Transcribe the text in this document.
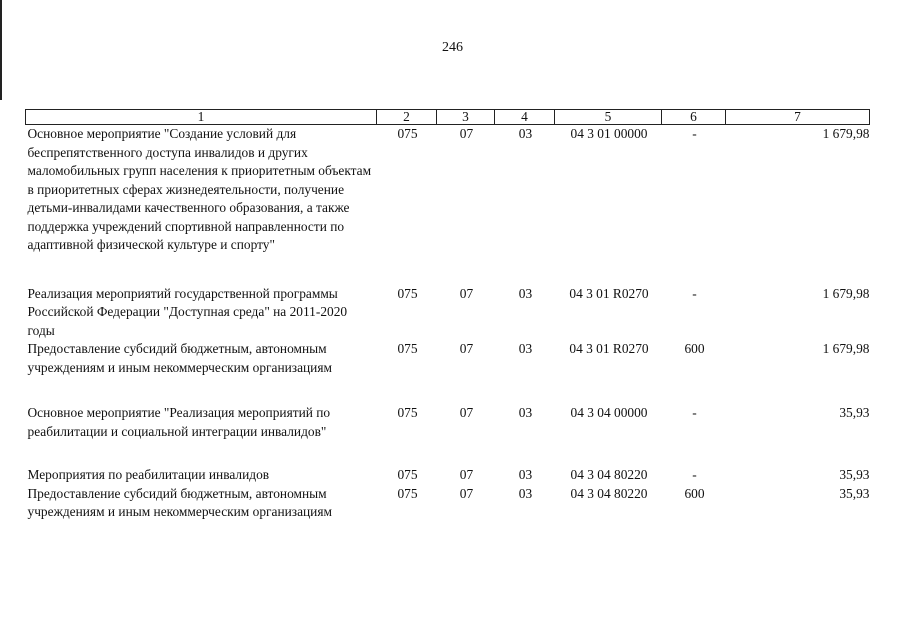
246
1	2	3	4	5	6	7
Основное мероприятие "Создание условий для беспрепятственного доступа инвалидов и других маломобильных групп населения к приоритетным объектам в приоритетных сферах жизнедеятельности, получение детьми-инвалидами качественного образования, а также поддержка учреждений спортивной направленности по адаптивной физической культуре и спорту"	075	07	03	04 3 01 00000	-	1 679,98

Реализация мероприятий государственной программы Российской Федерации "Доступная среда" на 2011-2020 годы	075	07	03	04 3 01 R0270	-	1 679,98

Предоставление субсидий бюджетным, автономным учреждениям и иным некоммерческим организациям	075	07	03	04 3 01 R0270	600	1 679,98

Основное мероприятие "Реализация мероприятий по реабилитации и социальной интеграции инвалидов"	075	07	03	04 3 04 00000	-	35,93

Мероприятия по реабилитации инвалидов	075	07	03	04 3 04 80220	-	35,93

Предоставление субсидий бюджетным, автономным учреждениям и иным некоммерческим организациям	075	07	03	04 3 04 80220	600	35,93
